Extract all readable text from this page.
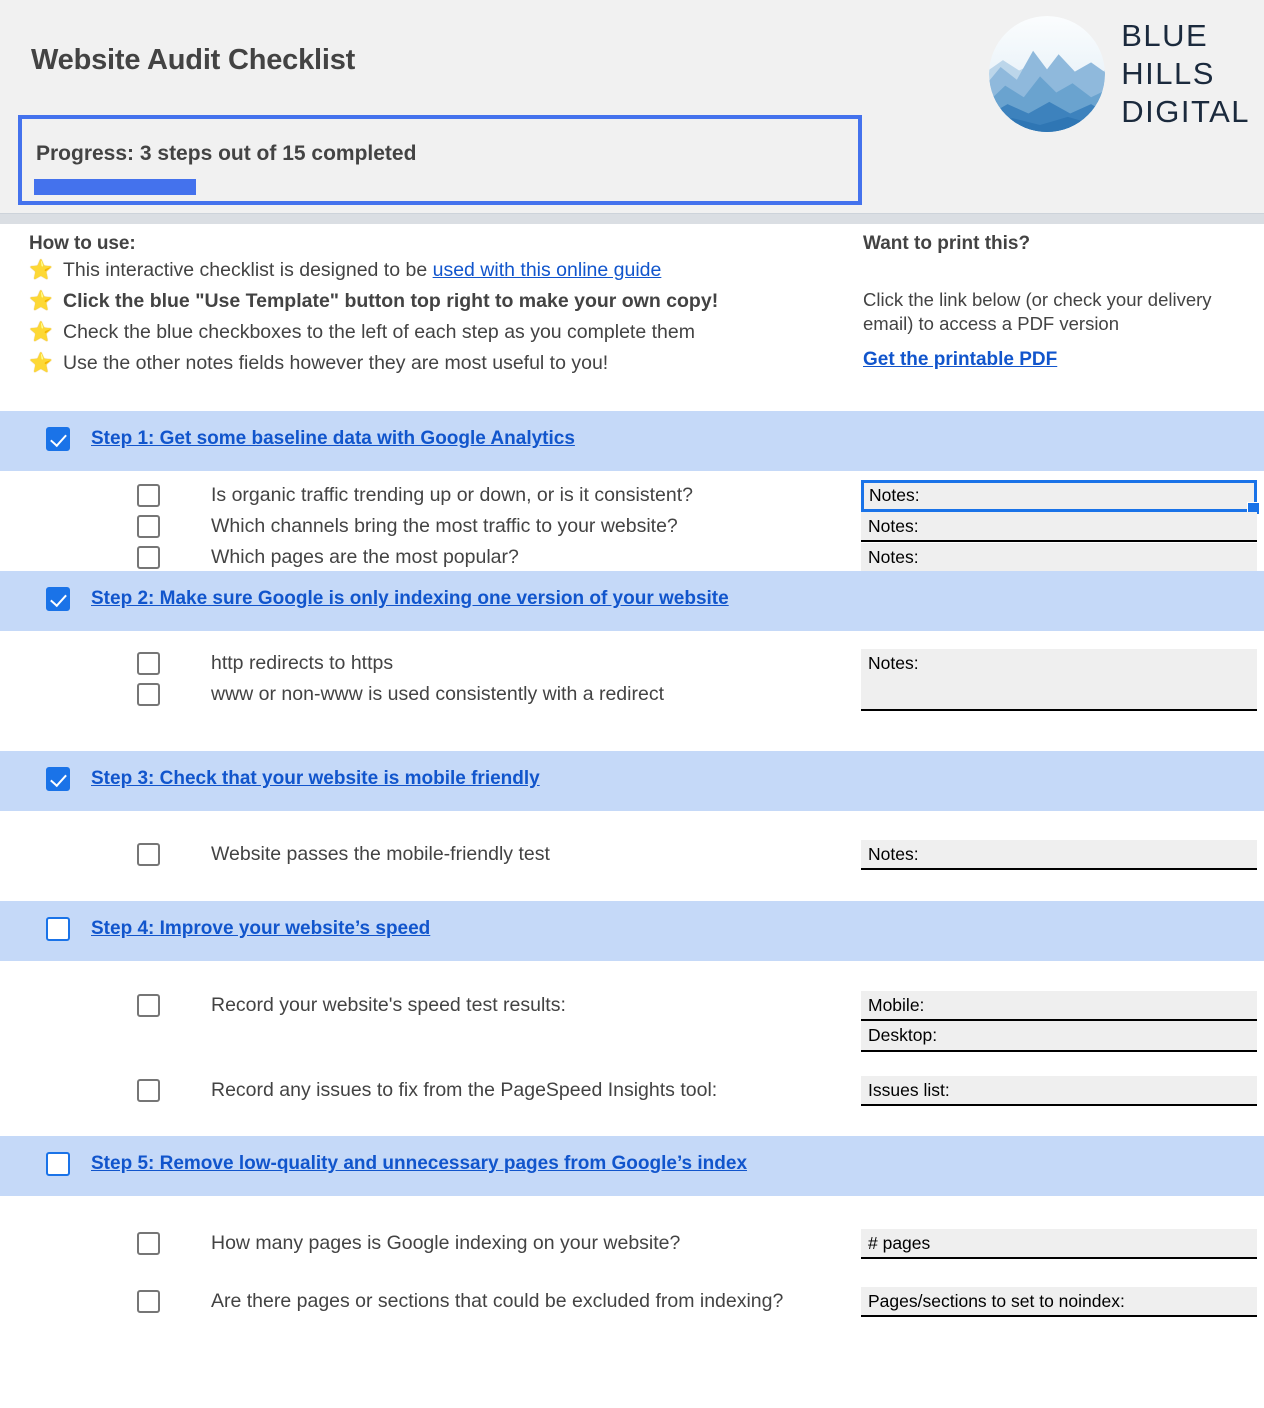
Website Audit Checklist
Progress: 3 steps out of 15 completed
BLUE
HILLS
DIGITAL
How to use:
⭐ This interactive checklist is designed to be used with this online guide
⭐ Click the blue "Use Template" button top right to make your own copy!
⭐ Check the blue checkboxes to the left of each step as you complete them
⭐ Use the other notes fields however they are most useful to you!
Want to print this?
Click the link below (or check your delivery email) to access a PDF version
Get the printable PDF
Step 1: Get some baseline data with Google Analytics
Is organic traffic trending up or down, or is it consistent?	Notes:
Which channels bring the most traffic to your website?	Notes:
Which pages are the most popular?	Notes:
Step 2: Make sure Google is only indexing one version of your website
http redirects to https	Notes:
www or non-www is used consistently with a redirect
Step 3: Check that your website is mobile friendly
Website passes the mobile-friendly test	Notes:
Step 4: Improve your website’s speed
Record your website's speed test results:	Mobile:
Desktop:
Record any issues to fix from the PageSpeed Insights tool:	Issues list:
Step 5: Remove low-quality and unnecessary pages from Google’s index
How many pages is Google indexing on your website?	# pages
Are there pages or sections that could be excluded from indexing?	Pages/sections to set to noindex:
